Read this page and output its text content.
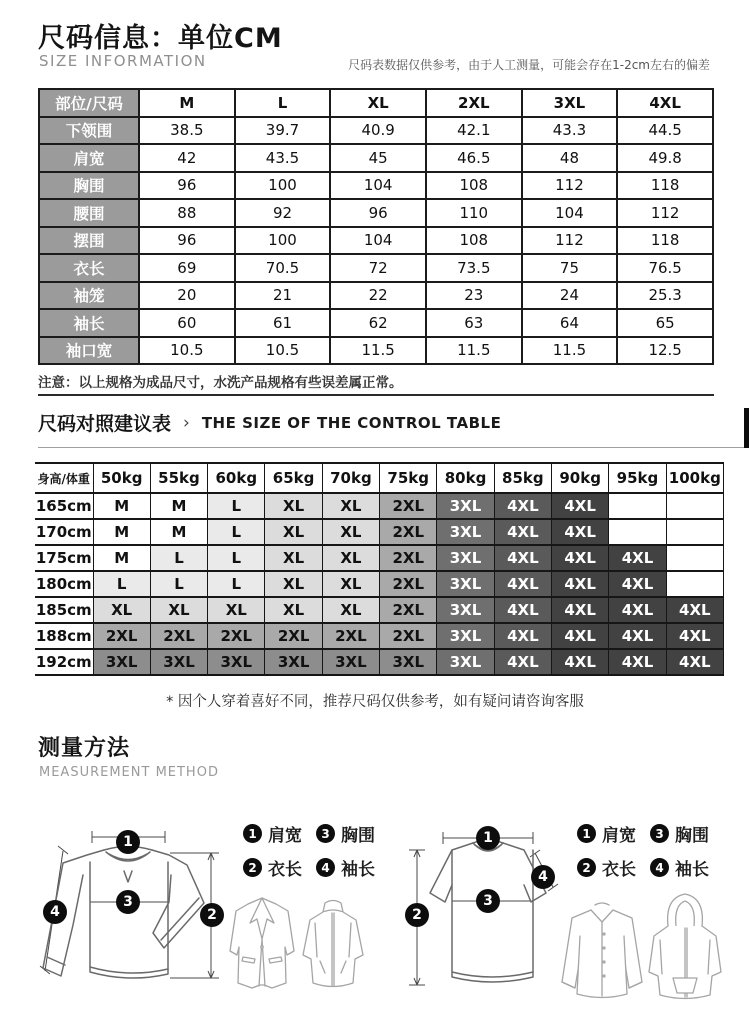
尺码信息：单位CM
SIZE INFORMATION	尺码表数据仅供参考，由于人工测量，可能会存在1-2cm左右的偏差
部位/尺码	M	L	XL	2XL	3XL	4XL
下领围	38.5	39.7	40.9	42.1	43.3	44.5
肩宽	42	43.5	45	46.5	48	49.8
胸围	96	100	104	108	112	118
腰围	88	92	96	110	104	112
摆围	96	100	104	108	112	118
衣长	69	70.5	72	73.5	75	76.5
袖笼	20	21	22	23	24	25.3
袖长	60	61	62	63	64	65
袖口宽	10.5	10.5	11.5	11.5	11.5	12.5
注意：以上规格为成品尺寸，水洗产品规格有些误差属正常。
尺码对照建议表 › THE SIZE OF THE CONTROL TABLE
身高/体重	50kg	55kg	60kg	65kg	70kg	75kg	80kg	85kg	90kg	95kg	100kg
165cm	M	M	L	XL	XL	2XL	3XL	4XL	4XL		
170cm	M	M	L	XL	XL	2XL	3XL	4XL	4XL		
175cm	M	L	L	XL	XL	2XL	3XL	4XL	4XL	4XL	
180cm	L	L	L	XL	XL	2XL	3XL	4XL	4XL	4XL	
185cm	XL	XL	XL	XL	XL	2XL	3XL	4XL	4XL	4XL	4XL
188cm	2XL	2XL	2XL	2XL	2XL	2XL	3XL	4XL	4XL	4XL	4XL
192cm	3XL	3XL	3XL	3XL	3XL	3XL	3XL	4XL	4XL	4XL	4XL
* 因个人穿着喜好不同，推荐尺码仅供参考，如有疑问请咨询客服
测量方法
MEASUREMENT METHOD
1
2
3
4
1 肩宽	3 胸围
2 衣长	4 袖长
1
2
3
4
1 肩宽	3 胸围
2 衣长	4 袖长
